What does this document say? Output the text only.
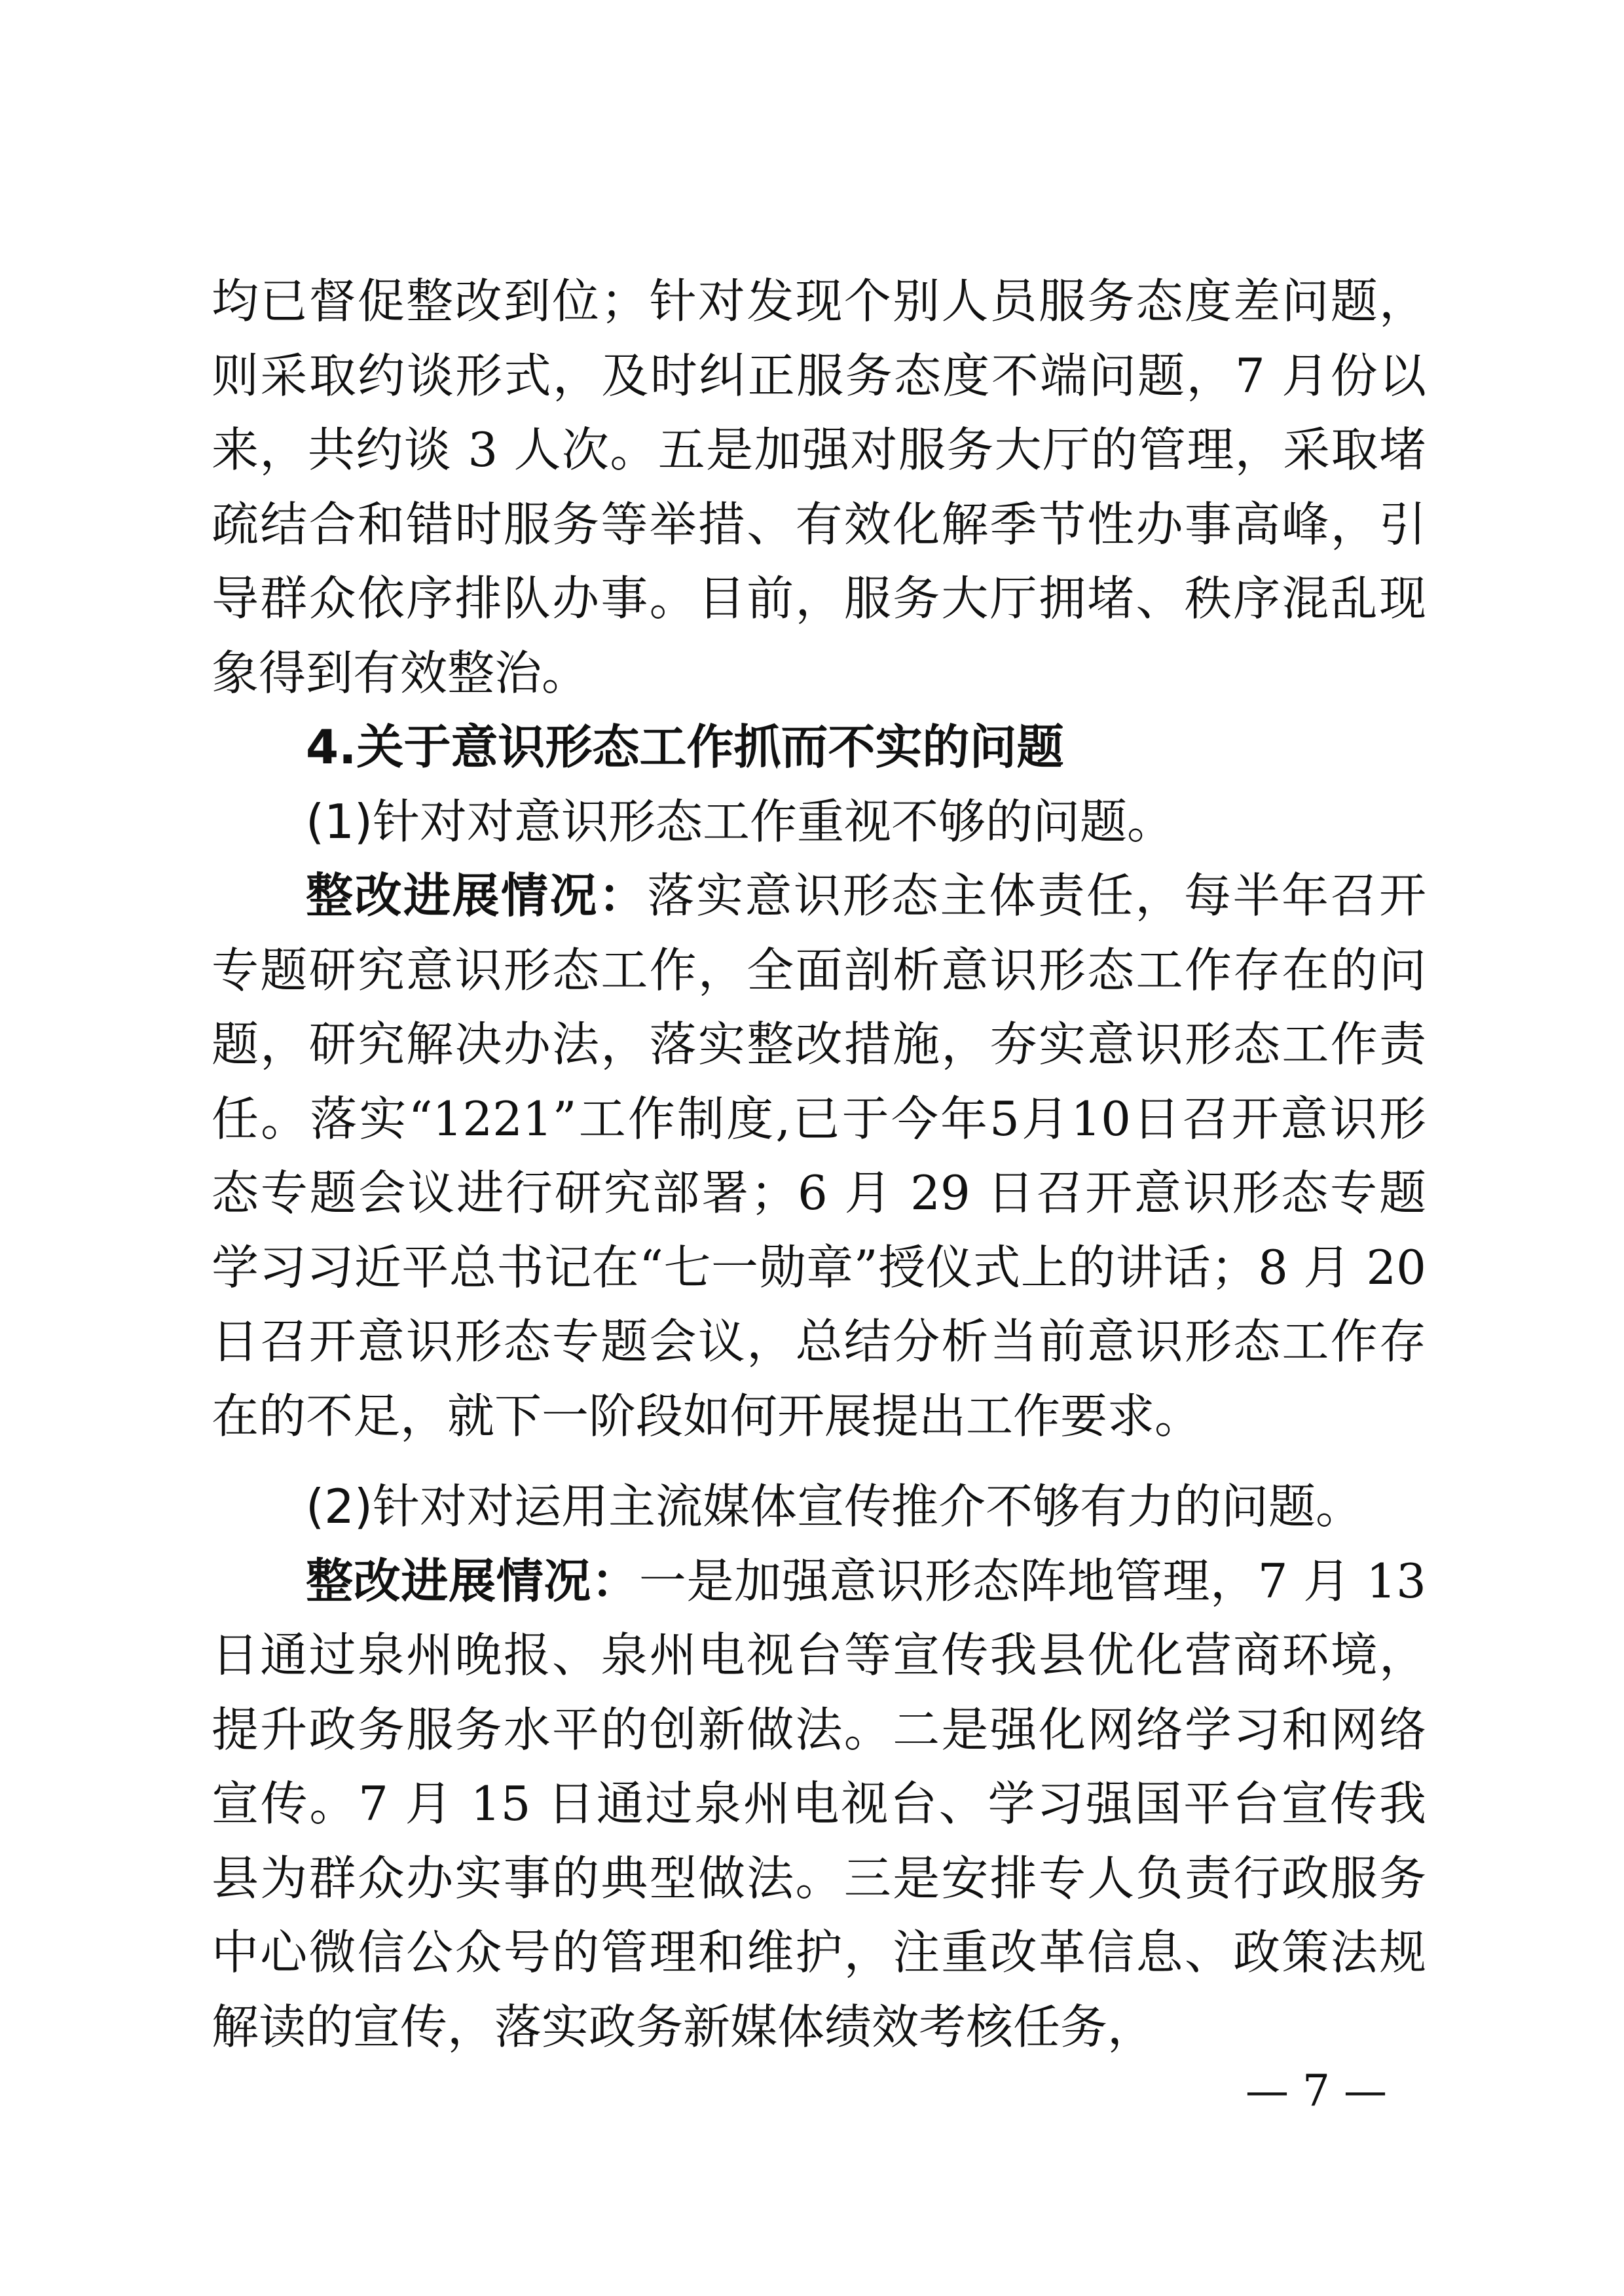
均已督促整改到位；针对发现个别人员服务态度差问题，则采取约谈形式，及时纠正服务态度不端问题，7 月份以来，共约谈 3 人次。五是加强对服务大厅的管理，采取堵疏结合和错时服务等举措、有效化解季节性办事高峰，引导群众依序排队办事。目前，服务大厅拥堵、秩序混乱现象得到有效整治。

4.关于意识形态工作抓而不实的问题

(1)针对对意识形态工作重视不够的问题。

整改进展情况：落实意识形态主体责任，每半年召开专题研究意识形态工作，全面剖析意识形态工作存在的问题，研究解决办法，落实整改措施，夯实意识形态工作责任。落实“1221”工作制度,已于今年5月10日召开意识形态专题会议进行研究部署；6 月 29 日召开意识形态专题学习习近平总书记在“七一勋章”授仪式上的讲话；8 月 20 日召开意识形态专题会议，总结分析当前意识形态工作存在的不足，就下一阶段如何开展提出工作要求。

(2)针对对运用主流媒体宣传推介不够有力的问题。

整改进展情况：一是加强意识形态阵地管理，7 月 13 日通过泉州晚报、泉州电视台等宣传我县优化营商环境，提升政务服务水平的创新做法。二是强化网络学习和网络宣传。7 月 15 日通过泉州电视台、学习强国平台宣传我县为群众办实事的典型做法。三是安排专人负责行政服务中心微信公众号的管理和维护，注重改革信息、政策法规解读的宣传，落实政务新媒体绩效考核任务，

— 7 —
